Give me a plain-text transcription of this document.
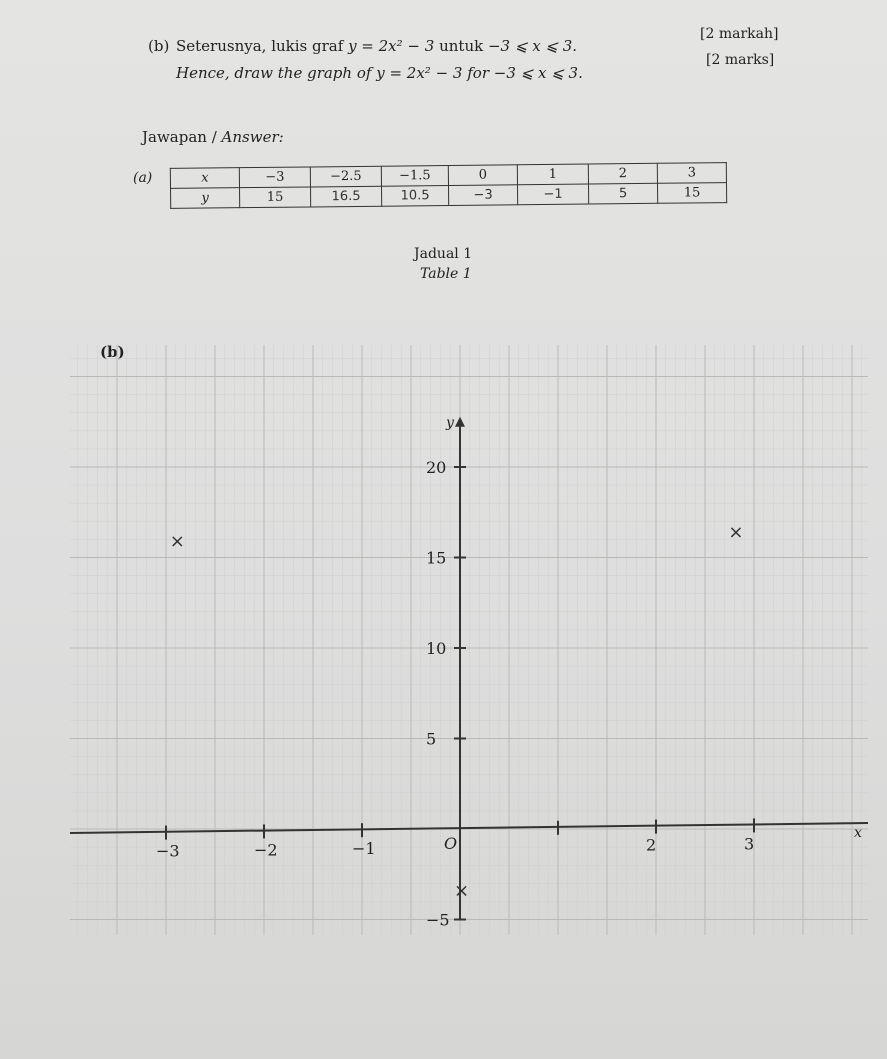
(b) Seterusnya, lukis graf y = 2x² − 3 untuk −3 ⩽ x ⩽ 3.
Hence, draw the graph of y = 2x² − 3 for −3 ⩽ x ⩽ 3.
[2 markah]
[2 marks]
Jawapan / Answer:
(a)	x	−3	−2.5	−1.5	0	1	2	3
y	15	16.5	10.5	−3	−1	5	15
Jadual 1
Table 1
(b)
y
x
−3	−2	−1	O	2	3
−5
5
10
15
20
×	×
×
